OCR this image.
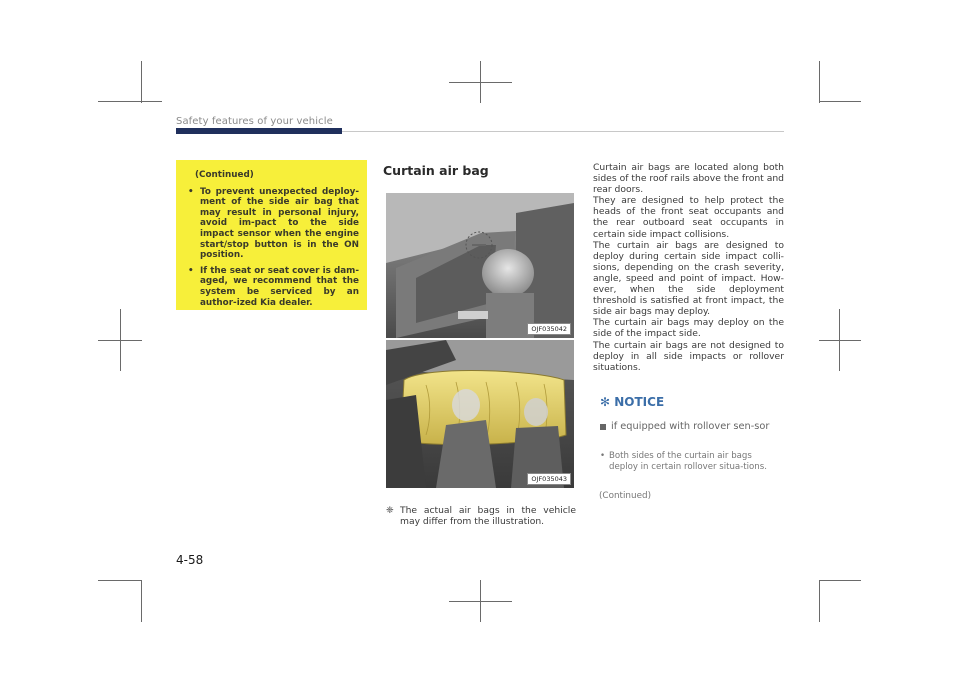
Safety features of your vehicle
(Continued)
• To prevent unexpected deploy-ment of the side air bag that may result in personal injury, avoid im-pact to the side impact sensor when the engine start/stop button is in the ON position.
• If the seat or seat cover is dam-aged, we recommend that the system be serviced by an author-ized Kia dealer.
Curtain air bag
OJF035042
OJF035043
❈ The actual air bags in the vehicle may differ from the illustration.

Curtain air bags are located along both sides of the roof rails above the front and rear doors.

They are designed to help protect the heads of the front seat occupants and the rear outboard seat occupants in certain side impact collisions.

The curtain air bags are designed to deploy during certain side impact colli-sions, depending on the crash severity, angle, speed and point of impact. How-ever, when the side deployment threshold is satisfied at front impact, the side air bags may deploy.

The curtain air bags may deploy on the side of the impact side.

The curtain air bags are not designed to deploy in all side impacts or rollover situations.

✻ NOTICE
if equipped with rollover sen-sor
• Both sides of the curtain air bags deploy in certain rollover situa-tions.
(Continued)
4-58
